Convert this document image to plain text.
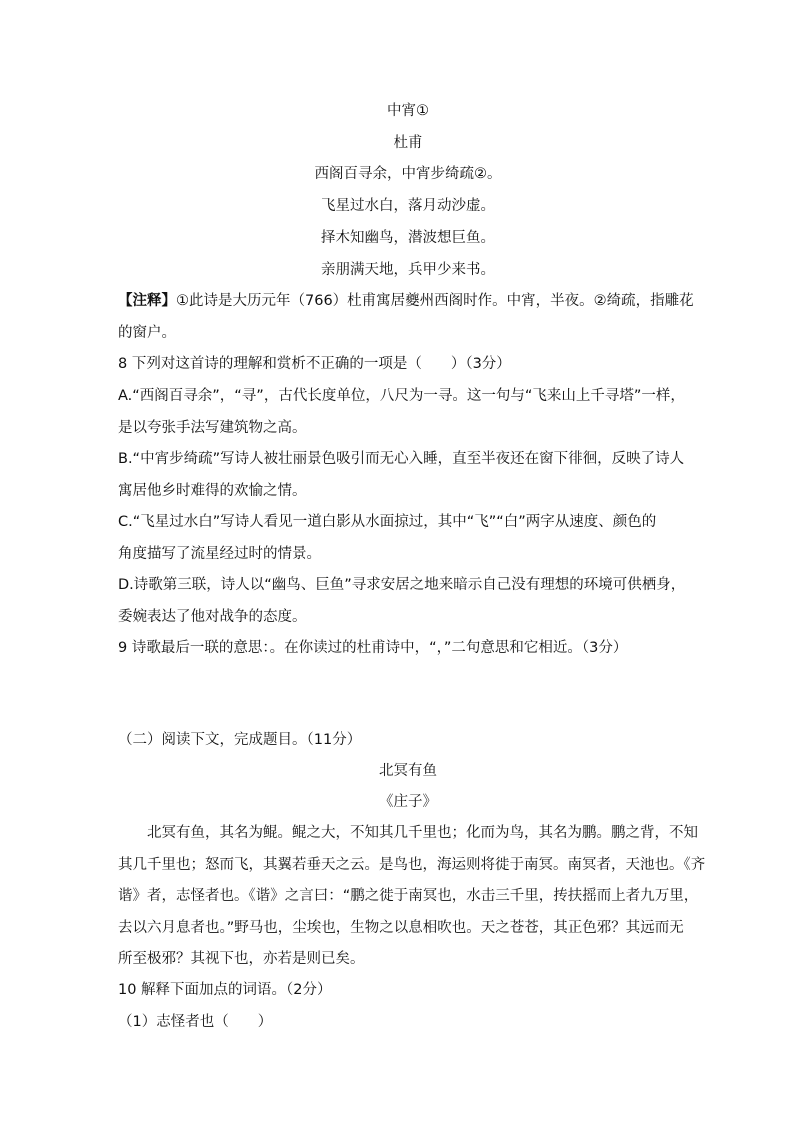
中宵①
杜甫
西阁百寻余，中宵步绮疏②。
飞星过水白，落月动沙虚。
择木知幽鸟，潜波想巨鱼。
亲朋满天地，兵甲少来书。
【注释】①此诗是大历元年（766）杜甫寓居夔州西阁时作。中宵，半夜。②绮疏，指雕花
的窗户。
8 下列对这首诗的理解和赏析不正确的一项是（　　）（3分）
A.“西阁百寻余”，“寻”，古代长度单位，八尺为一寻。这一句与“飞来山上千寻塔”一样，
是以夸张手法写建筑物之高。
B.“中宵步绮疏”写诗人被壮丽景色吸引而无心入睡，直至半夜还在窗下徘徊，反映了诗人
寓居他乡时难得的欢愉之情。
C.“飞星过水白”写诗人看见一道白影从水面掠过，其中“飞”“白”两字从速度、颜色的
角度描写了流星经过时的情景。
D.诗歌第三联，诗人以“幽鸟、巨鱼”寻求安居之地来暗示自己没有理想的环境可供栖身，
委婉表达了他对战争的态度。
9 诗歌最后一联的意思：。在你读过的杜甫诗中，“，”二句意思和它相近。（3分）
（二）阅读下文，完成题目。（11分）
北冥有鱼
《庄子》
　　北冥有鱼，其名为鲲。鲲之大，不知其几千里也；化而为鸟，其名为鹏。鹏之背，不知
其几千里也；怒而飞，其翼若垂天之云。是鸟也，海运则将徙于南冥。南冥者，天池也。《齐
谐》者，志怪者也。《谐》之言曰：“鹏之徙于南冥也，水击三千里，抟扶摇而上者九万里，
去以六月息者也。”野马也，尘埃也，生物之以息相吹也。天之苍苍，其正色邪？其远而无
所至极邪？其视下也，亦若是则已矣。
10 解释下面加点的词语。（2分）
（1）志怪者也（　　）
